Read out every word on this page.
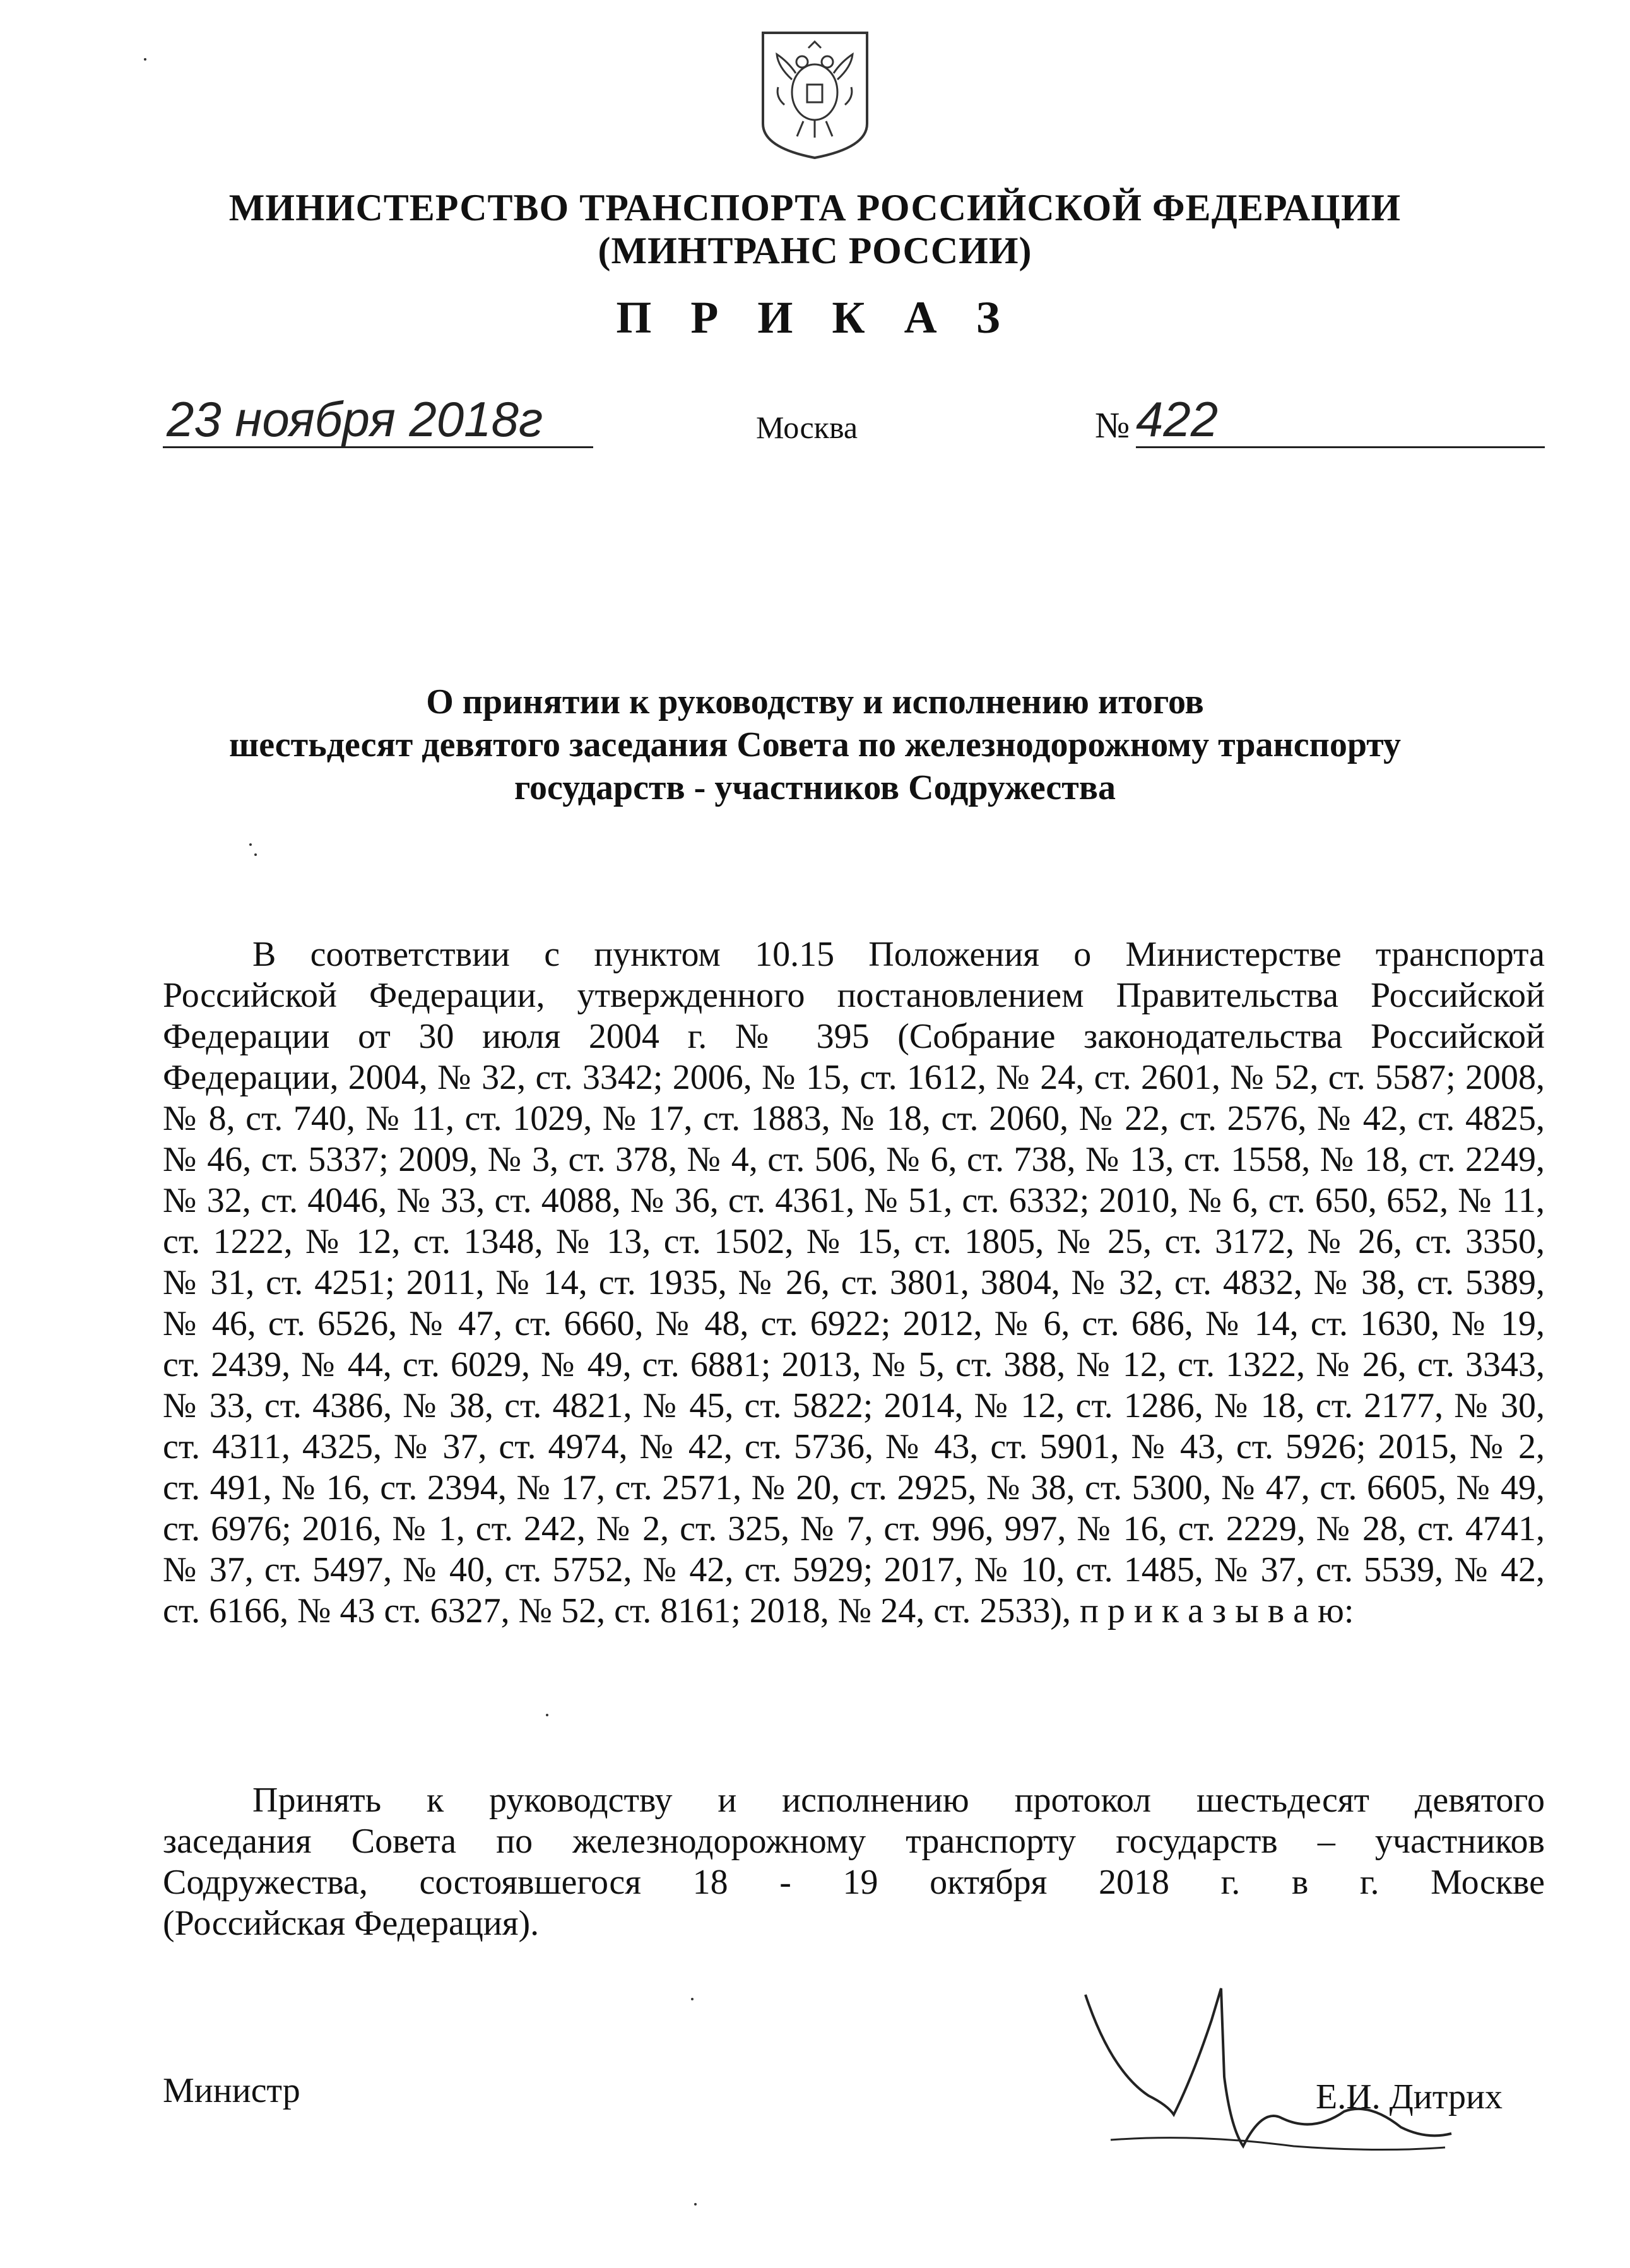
МИНИСТЕРСТВО ТРАНСПОРТА РОССИЙСКОЙ ФЕДЕРАЦИИ
(МИНТРАНС РОССИИ)
П Р И К А З
23 ноября 2018г	Москва	№ 422
О принятии к руководству и исполнению итогов
шестьдесят девятого заседания Совета по железнодорожному транспорту
государств - участников Содружества
В соответствии с пунктом 10.15 Положения о Министерстве транспорта
Российской Федерации, утвержденного постановлением Правительства Российской
Федерации от 30 июля 2004 г. № 395 (Собрание законодательства Российской
Федерации, 2004, № 32, ст. 3342; 2006, № 15, ст. 1612, № 24, ст. 2601, № 52, ст. 5587; 2008,
№ 8, ст. 740, № 11, ст. 1029, № 17, ст. 1883, № 18, ст. 2060, № 22, ст. 2576, № 42, ст. 4825,
№ 46, ст. 5337; 2009, № 3, ст. 378, № 4, ст. 506, № 6, ст. 738, № 13, ст. 1558, № 18, ст. 2249,
№ 32, ст. 4046, № 33, ст. 4088, № 36, ст. 4361, № 51, ст. 6332; 2010, № 6, ст. 650, 652, № 11,
ст. 1222, № 12, ст. 1348, № 13, ст. 1502, № 15, ст. 1805, № 25, ст. 3172, № 26, ст. 3350,
№ 31, ст. 4251; 2011, № 14, ст. 1935, № 26, ст. 3801, 3804, № 32, ст. 4832, № 38, ст. 5389,
№ 46, ст. 6526, № 47, ст. 6660, № 48, ст. 6922; 2012, № 6, ст. 686, № 14, ст. 1630, № 19,
ст. 2439, № 44, ст. 6029, № 49, ст. 6881; 2013, № 5, ст. 388, № 12, ст. 1322, № 26, ст. 3343,
№ 33, ст. 4386, № 38, ст. 4821, № 45, ст. 5822; 2014, № 12, ст. 1286, № 18, ст. 2177, № 30,
ст. 4311, 4325, № 37, ст. 4974, № 42, ст. 5736, № 43, ст. 5901, № 43, ст. 5926; 2015, № 2,
ст. 491, № 16, ст. 2394, № 17, ст. 2571, № 20, ст. 2925, № 38, ст. 5300, № 47, ст. 6605, № 49,
ст. 6976; 2016, № 1, ст. 242, № 2, ст. 325, № 7, ст. 996, 997, № 16, ст. 2229, № 28, ст. 4741,
№ 37, ст. 5497, № 40, ст. 5752, № 42, ст. 5929; 2017, № 10, ст. 1485, № 37, ст. 5539, № 42,
ст. 6166, № 43 ст. 6327, № 52, ст. 8161; 2018, № 24, ст. 2533), п р и к а з ы в а ю:
Принять к руководству и исполнению протокол шестьдесят девятого
заседания Совета по железнодорожному транспорту государств – участников
Содружества, состоявшегося 18 - 19 октября 2018 г. в г. Москве
(Российская Федерация).
Министр	Е.И. Дитрих
